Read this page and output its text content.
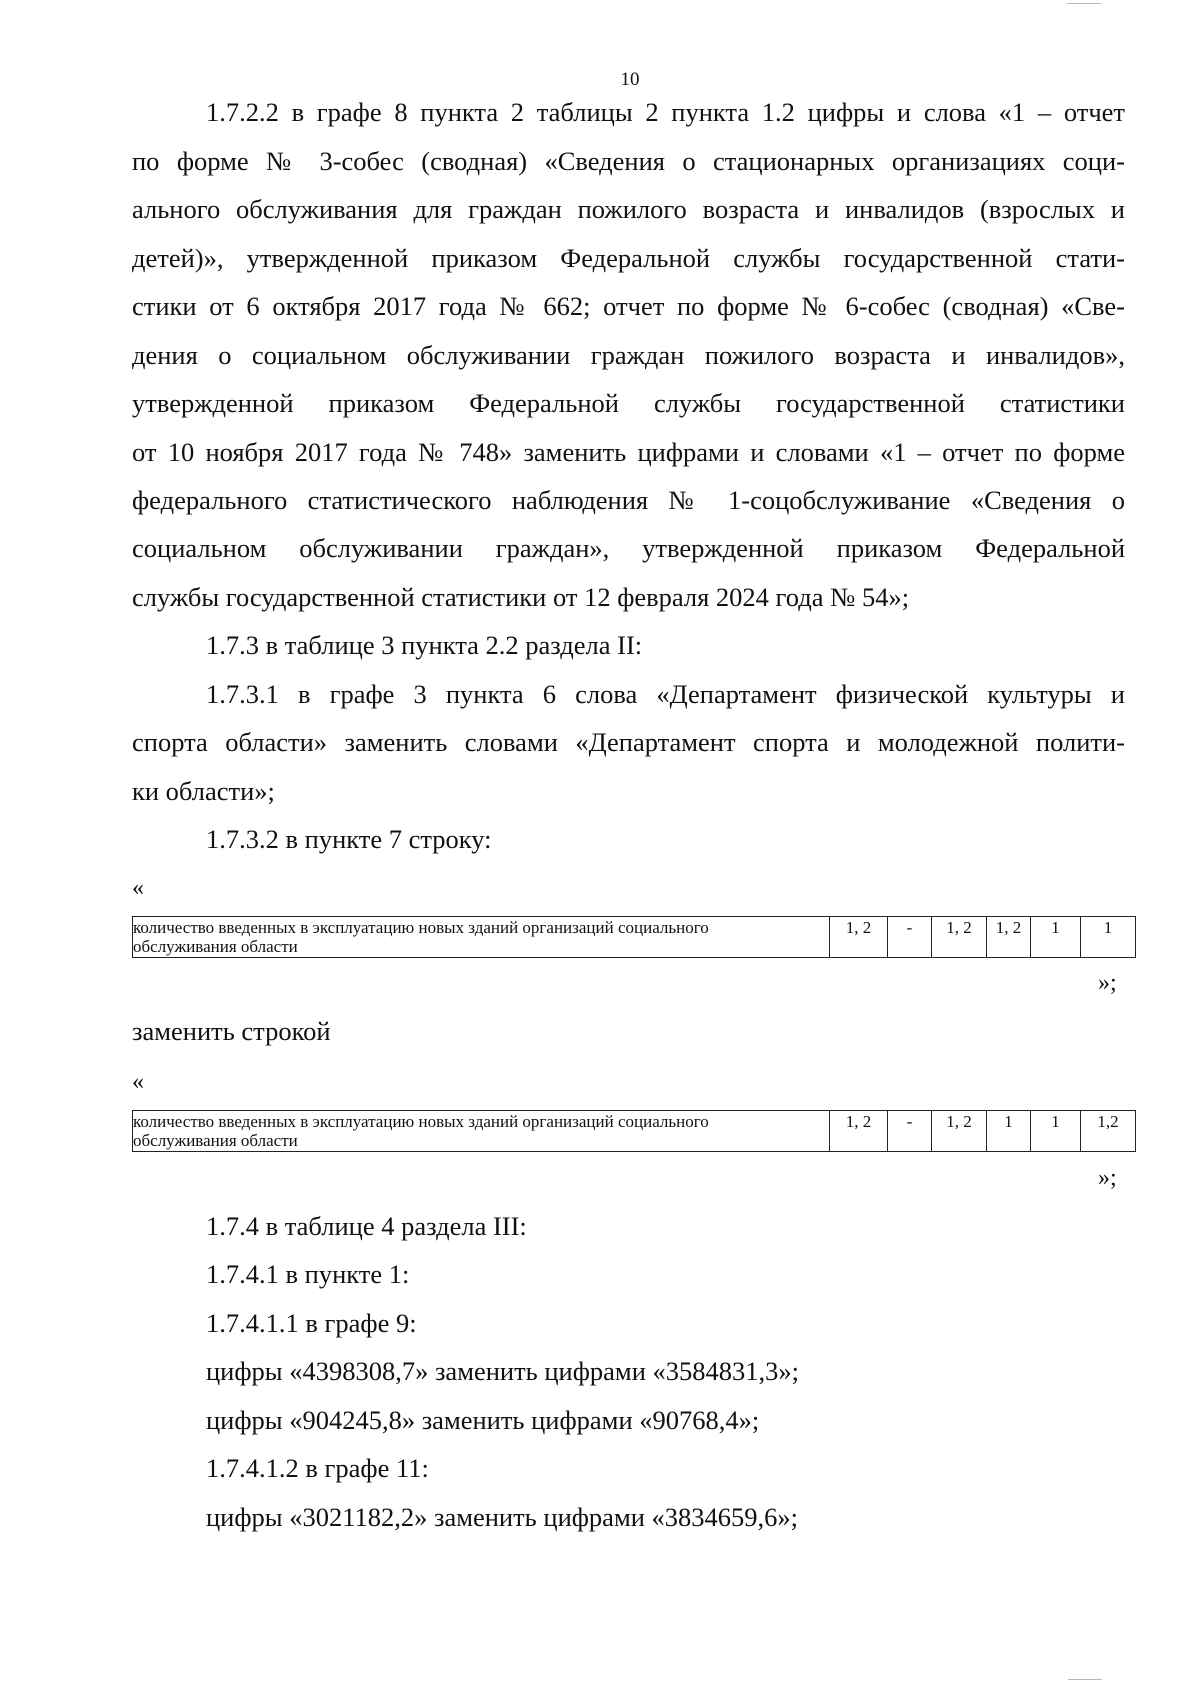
10
1.7.2.2 в графе 8 пункта 2 таблицы 2 пункта 1.2 цифры и слова «1 – отчет
по форме № 3-собес (сводная) «Сведения о стационарных организациях соци-
ального обслуживания для граждан пожилого возраста и инвалидов (взрослых и
детей)», утвержденной приказом Федеральной службы государственной стати-
стики от 6 октября 2017 года № 662; отчет по форме № 6-собес (сводная) «Све-
дения о социальном обслуживании граждан пожилого возраста и инвалидов»,
утвержденной приказом Федеральной службы государственной статистики
от 10 ноября 2017 года № 748» заменить цифрами и словами «1 – отчет по форме
федерального статистического наблюдения № 1-соцобслуживание «Сведения о
социальном обслуживании граждан», утвержденной приказом Федеральной
службы государственной статистики от 12 февраля 2024 года № 54»;
1.7.3 в таблице 3 пункта 2.2 раздела II:
1.7.3.1 в графе 3 пункта 6 слова «Департамент физической культуры и
спорта области» заменить словами «Департамент спорта и молодежной полити-
ки области»;
1.7.3.2 в пункте 7 строку:
«
количество введенных в эксплуатацию новых зданий организаций социального
обслуживания области	1, 2	-	1, 2	1, 2	1	1
»;
заменить строкой
«
количество введенных в эксплуатацию новых зданий организаций социального
обслуживания области	1, 2	-	1, 2	1	1	1,2
»;
1.7.4 в таблице 4 раздела III:
1.7.4.1 в пункте 1:
1.7.4.1.1 в графе 9:
цифры «4398308,7» заменить цифрами «3584831,3»;
цифры «904245,8» заменить цифрами «90768,4»;
1.7.4.1.2 в графе 11:
цифры «3021182,2» заменить цифрами «3834659,6»;
